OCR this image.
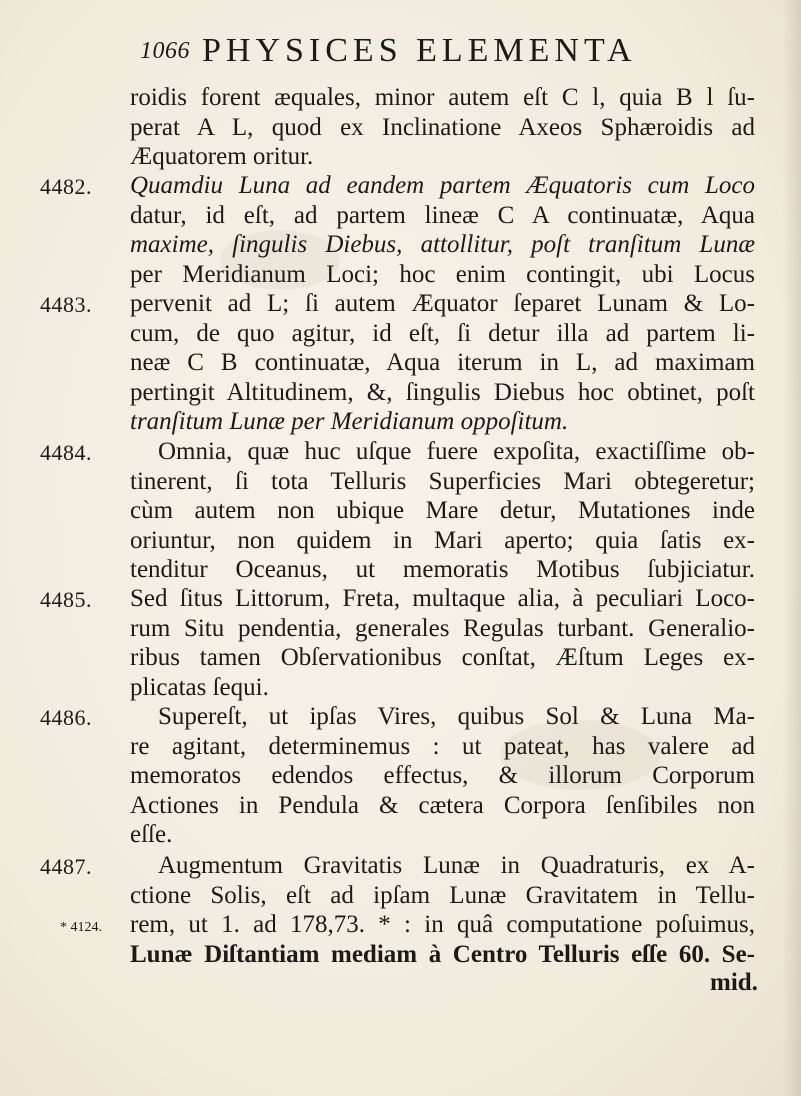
1066 PHYSICES ELEMENTA
roidis forent æquales, minor autem eſt C l, quia B l ſu-
perat A L, quod ex Inclinatione Axeos Sphæroidis ad
Æquatorem oritur.
4482. Quamdiu Luna ad eandem partem Æquatoris cum Loco
datur, id eſt, ad partem lineæ C A continuatæ, Aqua
maxime, ſingulis Diebus, attollitur, poſt tranſitum Lunæ
per Meridianum Loci; hoc enim contingit, ubi Locus
4483. pervenit ad L; ſi autem Æquator ſeparet Lunam & Lo-
cum, de quo agitur, id eſt, ſi detur illa ad partem li-
neæ C B continuatæ, Aqua iterum in L, ad maximam
pertingit Altitudinem, &, ſingulis Diebus hoc obtinet, poſt
tranſitum Lunæ per Meridianum oppoſitum.
4484.	Omnia, quæ huc uſque fuere expoſita, exactiſſime ob-
tinerent, ſi tota Telluris Superficies Mari obtegeretur;
cùm autem non ubique Mare detur, Mutationes inde
oriuntur, non quidem in Mari aperto; quia ſatis ex-
tenditur Oceanus, ut memoratis Motibus ſubjiciatur.
4485. Sed ſitus Littorum, Freta, multaque alia, à peculiari Loco-
rum Situ pendentia, generales Regulas turbant. Generalio-
ribus tamen Obſervationibus conſtat, Æſtum Leges ex-
plicatas ſequi.
4486.	Supereſt, ut ipſas Vires, quibus Sol & Luna Ma-
re agitant, determinemus : ut pateat, has valere ad
memoratos edendos effectus, & illorum Corporum
Actiones in Pendula & cætera Corpora ſenſibiles non
eſſe.
4487.	Augmentum Gravitatis Lunæ in Quadraturis, ex A-
ctione Solis, eſt ad ipſam Lunæ Gravitatem in Tellu-
rem, ut 1. ad 178,73. * : in quâ computatione poſuimus,
Lunæ Diſtantiam mediam à Centro Telluris eſſe 60. Se-
* 4124.
mid.
